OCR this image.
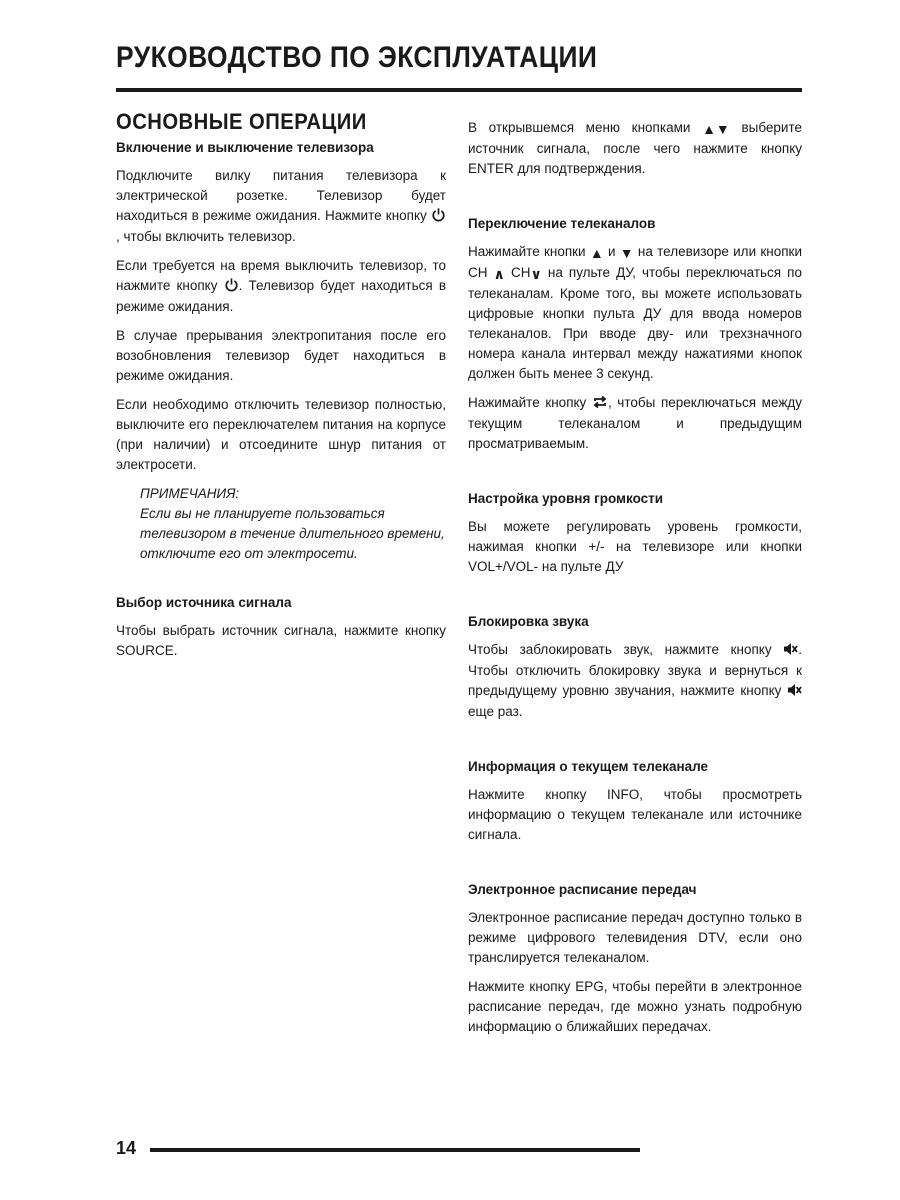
РУКОВОДСТВО ПО ЭКСПЛУАТАЦИИ
ОСНОВНЫЕ ОПЕРАЦИИ
Включение и выключение телевизора

Подключите вилку питания телевизора к электрической розетке. Телевизор будет находиться в режиме ожидания. Нажмите кнопку , чтобы включить телевизор.

Если требуется на время выключить телевизор, то нажмите кнопку . Телевизор будет находиться в режиме ожидания.

В случае прерывания электропитания после его возобновления телевизор будет находиться в режиме ожидания.

Если необходимо отключить телевизор полностью, выключите его переключателем питания на корпусе (при наличии) и отсоедините шнур питания от электросети.

ПРИМЕЧАНИЯ:
Если вы не планируете пользоваться телевизором в течение длительного времени, отключите его от электросети.
Выбор источника сигнала

Чтобы выбрать источник сигнала, нажмите кнопку SOURCE.

В открывшемся меню кнопками ▲▼ выберите источник сигнала, после чего нажмите кнопку ENTER для подтверждения.

Переключение телеканалов

Нажимайте кнопки ▲ и ▼ на телевизоре или кнопки CH ∧ CH∨ на пульте ДУ, чтобы переключаться по телеканалам. Кроме того, вы можете использовать цифровые кнопки пульта ДУ для ввода номеров телеканалов. При вводе дву- или трехзначного номера канала интервал между нажатиями кнопок должен быть менее 3 секунд.

Нажимайте кнопку , чтобы переключаться между текущим телеканалом и предыдущим просматриваемым.

Настройка уровня громкости

Вы можете регулировать уровень громкости, нажимая кнопки +/- на телевизоре или кнопки VOL+/VOL- на пульте ДУ

Блокировка звука

Чтобы заблокировать звук, нажмите кнопку . Чтобы отключить блокировку звука и вернуться к предыдущему уровню звучания, нажмите кнопку  еще раз.

Информация о текущем телеканале

Нажмите кнопку INFO, чтобы просмотреть информацию о текущем телеканале или источнике сигнала.

Электронное расписание передач

Электронное расписание передач доступно только в режиме цифрового телевидения DTV, если оно транслируется телеканалом.

Нажмите кнопку EPG, чтобы перейти в электронное расписание передач, где можно узнать подробную информацию о ближайших передачах.

14
